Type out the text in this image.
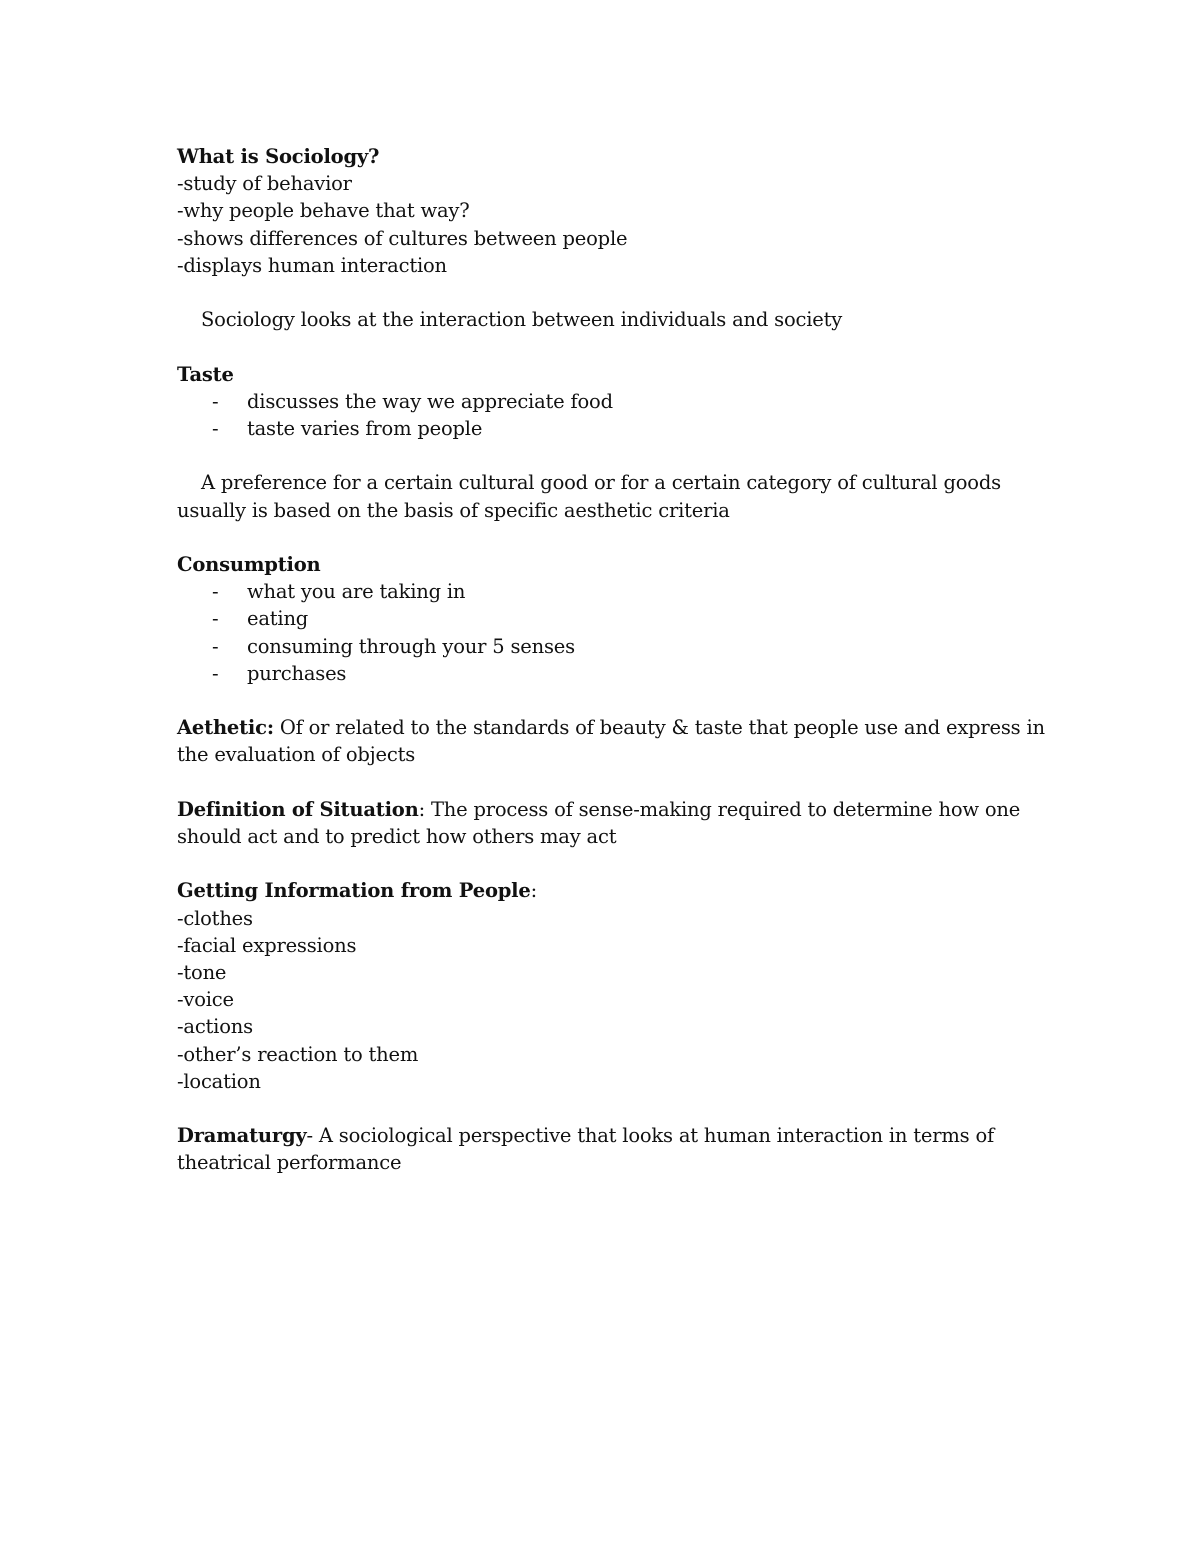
What is Sociology?
-study of behavior
-why people behave that way?
-shows differences of cultures between people
-displays human interaction
Sociology looks at the interaction between individuals and society
Taste
- discusses the way we appreciate food
- taste varies from people
A preference for a certain cultural good or for a certain category of cultural goods
usually is based on the basis of specific aesthetic criteria
Consumption
- what you are taking in
- eating
- consuming through your 5 senses
- purchases
Aethetic: Of or related to the standards of beauty & taste that people use and express in
the evaluation of objects
Definition of Situation: The process of sense-making required to determine how one
should act and to predict how others may act
Getting Information from People:
-clothes
-facial expressions
-tone
-voice
-actions
-other’s reaction to them
-location
Dramaturgy- A sociological perspective that looks at human interaction in terms of
theatrical performance
